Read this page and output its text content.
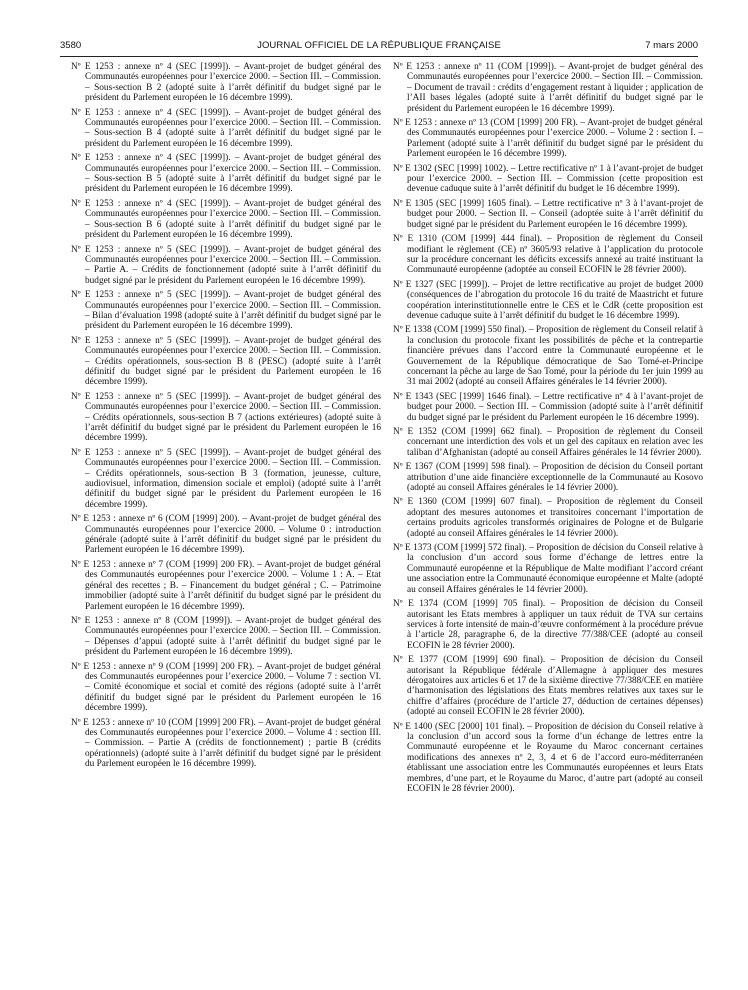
3580	JOURNAL OFFICIEL DE LA RÉPUBLIQUE FRANÇAISE	7 mars 2000

Nº E 1253 : annexe nº 4 (SEC [1999]). – Avant-projet de budget général des Communautés européennes pour l’exercice 2000. – Section III. – Commission. – Sous-section B 2 (adopté suite à l’arrêt définitif du budget signé par le président du Parlement européen le 16 décembre 1999).

Nº E 1253 : annexe nº 4 (SEC [1999]). – Avant-projet de budget général des Communautés européennes pour l’exercice 2000. – Section III. – Commission. – Sous-section B 4 (adopté suite à l’arrêt définitif du budget signé par le président du Parlement européen le 16 décembre 1999).

Nº E 1253 : annexe nº 4 (SEC [1999]). – Avant-projet de budget général des Communautés européennes pour l’exercice 2000. – Section III. – Commission. – Sous-section B 5 (adopté suite à l’arrêt définitif du budget signé par le président du Parlement européen le 16 décembre 1999).

Nº E 1253 : annexe nº 4 (SEC [1999]). – Avant-projet de budget général des Communautés européennes pour l’exercice 2000. – Section III. – Commission. – Sous-section B 6 (adopté suite à l’arrêt définitif du budget signé par le président du Parlement européen le 16 décembre 1999).

Nº E 1253 : annexe nº 5 (SEC [1999]). – Avant-projet de budget général des Communautés européennes pour l’exercice 2000. – Section III. – Commission. – Partie A. – Crédits de fonctionnement (adopté suite à l’arrêt définitif du budget signé par le président du Parlement européen le 16 décembre 1999).

Nº E 1253 : annexe nº 5 (SEC [1999]). – Avant-projet de budget général des Communautés européennes pour l’exercice 2000. – Section III. – Commission. – Bilan d’évaluation 1998 (adopté suite à l’arrêt définitif du budget signé par le président du Parlement européen le 16 décembre 1999).

Nº E 1253 : annexe nº 5 (SEC [1999]). – Avant-projet de budget général des Communautés européennes pour l’exercice 2000. – Section III. – Commission. – Crédits opérationnels, sous-section B 8 (PESC) (adopté suite à l’arrêt définitif du budget signé par le président du Parlement européen le 16 décembre 1999).

Nº E 1253 : annexe nº 5 (SEC [1999]). – Avant-projet de budget général des Communautés européennes pour l’exercice 2000. – Section III. – Commission. – Crédits opérationnels, sous-section B 7 (actions extérieures) (adopté suite à l’arrêt définitif du budget signé par le président du Parlement européen le 16 décembre 1999).

Nº E 1253 : annexe nº 5 (SEC [1999]). – Avant-projet de budget général des Communautés européennes pour l’exercice 2000. – Section III. – Commission. – Crédits opérationnels, sous-section B 3 (formation, jeunesse, culture, audiovisuel, information, dimension sociale et emploi) (adopté suite à l’arrêt définitif du budget signé par le président du Parlement européen le 16 décembre 1999).

Nº E 1253 : annexe nº 6 (COM [1999] 200). – Avant-projet de budget général des Communautés européennes pour l’exercice 2000. – Volume 0 : introduction générale (adopté suite à l’arrêt définitif du budget signé par le président du Parlement européen le 16 décembre 1999).

Nº E 1253 : annexe nº 7 (COM [1999] 200 FR). – Avant-projet de budget général des Communautés européennes pour l’exercice 2000. – Volume 1 : A. – Etat général des recettes ; B. – Financement du budget général ; C. – Patrimoine immobilier (adopté suite à l’arrêt définitif du budget signé par le président du Parlement européen le 16 décembre 1999).

Nº E 1253 : annexe nº 8 (COM [1999]). – Avant-projet de budget général des Communautés européennes pour l’exercice 2000. – Section III. – Commission. – Dépenses d’appui (adopté suite à l’arrêt définitif du budget signé par le président du Parlement européen le 16 décembre 1999).

Nº E 1253 : annexe nº 9 (COM [1999] 200 FR). – Avant-projet de budget général des Communautés européennes pour l’exercice 2000. – Volume 7 : section VI. – Comité économique et social et comité des régions (adopté suite à l’arrêt définitif du budget signé par le président du Parlement européen le 16 décembre 1999).

Nº E 1253 : annexe nº 10 (COM [1999] 200 FR). – Avant-projet de budget général des Communautés européennes pour l’exercice 2000. – Volume 4 : section III. – Commission. – Partie A (crédits de fonctionnement) ; partie B (crédits opérationnels) (adopté suite à l’arrêt définitif du budget signé par le président du Parlement européen le 16 décembre 1999).

Nº E 1253 : annexe nº 11 (COM [1999]). – Avant-projet de budget général des Communautés européennes pour l’exercice 2000. – Section III. – Commission. – Document de travail : crédits d’engagement restant à liquider ; application de l’AII bases légales (adopté suite à l’arrêt définitif du budget signé par le président du Parlement européen le 16 décembre 1999).

Nº E 1253 : annexe nº 13 (COM [1999] 200 FR). – Avant-projet de budget général des Communautés européennes pour l’exercice 2000. – Volume 2 : section I. – Parlement (adopté suite à l’arrêt définitif du budget signé par le président du Parlement européen le 16 décembre 1999).

Nº E 1302 (SEC [1999] 1002). – Lettre rectificative nº 1 à l’avant-projet de budget pour l’exercice 2000. – Section III. – Commission (cette proposition est devenue caduque suite à l’arrêt définitif du budget le 16 décembre 1999).

Nº E 1305 (SEC [1999] 1605 final). – Lettre rectificative nº 3 à l’avant-projet de budget pour 2000. – Section II. – Conseil (adoptée suite à l’arrêt définitif du budget signé par le président du Parlement européen le 16 décembre 1999).

Nº E 1310 (COM [1999] 444 final). – Proposition de règlement du Conseil modifiant le règlement (CE) nº 3605/93 relative à l’application du protocole sur la procédure concernant les déficits excessifs annexé au traité instituant la Communauté européenne (adoptée au conseil ECOFIN le 28 février 2000).

Nº E 1327 (SEC [1999]). – Projet de lettre rectificative au projet de budget 2000 (conséquences de l’abrogation du protocole 16 du traité de Maastricht et future coopération interinstitutionnelle entre le CES et le CdR (cette proposition est devenue caduque suite à l’arrêt définitif du budget le 16 décembre 1999).

Nº E 1338 (COM [1999] 550 final). – Proposition de règlement du Conseil relatif à la conclusion du protocole fixant les possibilités de pêche et la contrepartie financière prévues dans l’accord entre la Communauté européenne et le Gouvernement de la République démocratique de Sao Tomé-et-Principe concernant la pêche au large de Sao Tomé, pour la période du 1er juin 1999 au 31 mai 2002 (adopté au conseil Affaires générales le 14 février 2000).

Nº E 1343 (SEC [1999] 1646 final). – Lettre rectificative nº 4 à l’avant-projet de budget pour 2000. – Section III. – Commission (adopté suite à l’arrêt définitif du budget signé par le président du Parlement européen le 16 décembre 1999).

Nº E 1352 (COM [1999] 662 final). – Proposition de règlement du Conseil concernant une interdiction des vols et un gel des capitaux en relation avec les taliban d’Afghanistan (adopté au conseil Affaires générales le 14 février 2000).

Nº E 1367 (COM [1999] 598 final). – Proposition de décision du Conseil portant attribution d’une aide financière exceptionnelle de la Communauté au Kosovo (adopté au conseil Affaires générales le 14 février 2000).

Nº E 1360 (COM [1999] 607 final). – Proposition de règlement du Conseil adoptant des mesures autonomes et transitoires concernant l’importation de certains produits agricoles transformés originaires de Pologne et de Bulgarie (adopté au conseil Affaires générales le 14 février 2000).

Nº E 1373 (COM [1999] 572 final). – Proposition de décision du Conseil relative à la conclusion d’un accord sous forme d’échange de lettres entre la Communauté européenne et la République de Malte modifiant l’accord créant une association entre la Communauté économique européenne et Malte (adopté au conseil Affaires générales le 14 février 2000).

Nº E 1374 (COM [1999] 705 final). – Proposition de décision du Conseil autorisant les Etats membres à appliquer un taux réduit de TVA sur certains services à forte intensité de main-d’œuvre conformément à la procédure prévue à l’article 28, paragraphe 6, de la directive 77/388/CEE (adopté au conseil ECOFIN le 28 février 2000).

Nº E 1377 (COM [1999] 690 final). – Proposition de décision du Conseil autorisant la République fédérale d’Allemagne à appliquer des mesures dérogatoires aux articles 6 et 17 de la sixième directive 77/388/CEE en matière d’harmonisation des législations des Etats membres relatives aux taxes sur le chiffre d’affaires (procédure de l’article 27, déduction de certaines dépenses) (adopté au conseil ECOFIN le 28 février 2000).

Nº E 1400 (SEC [2000] 101 final). – Proposition de décision du Conseil relative à la conclusion d’un accord sous la forme d’un échange de lettres entre la Communauté européenne et le Royaume du Maroc concernant certaines modifications des annexes nº 2, 3, 4 et 6 de l’accord euro-méditerranéen établissant une association entre les Communautés européennes et leurs Etats membres, d’une part, et le Royaume du Maroc, d’autre part (adopté au conseil ECOFIN le 28 février 2000).
